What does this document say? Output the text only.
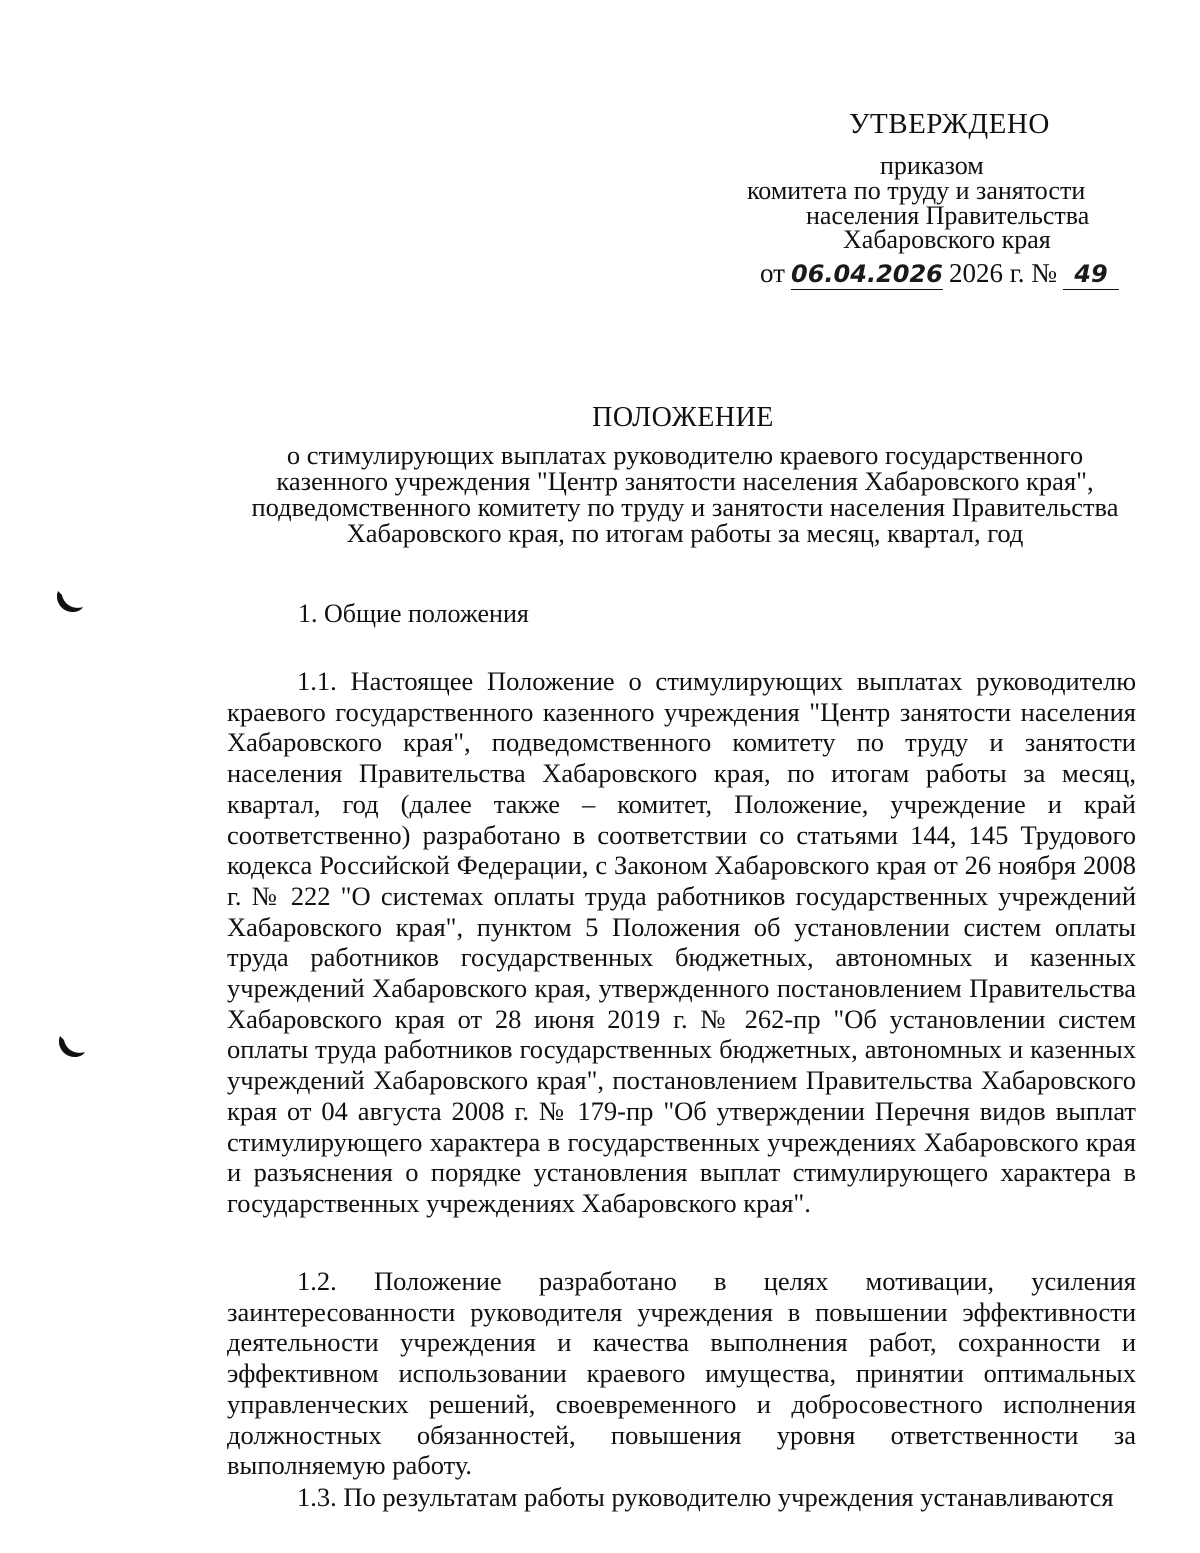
УТВЕРЖДЕНО
приказом
комитета по труду и занятости
населения Правительства
Хабаровского края
от 06.04.2026 2026 г. № 49
ПОЛОЖЕНИЕ
о стимулирующих выплатах руководителю краевого государственного
казенного учреждения "Центр занятости населения Хабаровского края",
подведомственного комитету по труду и занятости населения Правительства
Хабаровского края, по итогам работы за месяц, квартал, год
1. Общие положения

1.1. Настоящее Положение о стимулирующих выплатах руководителю краевого государственного казенного учреждения "Центр занятости населения Хабаровского края", подведомственного комитету по труду и занятости населения Правительства Хабаровского края, по итогам работы за месяц, квартал, год (далее также – комитет, Положение, учреждение и край соответственно) разработано в соответствии со статьями 144, 145 Трудового кодекса Российской Федерации, с Законом Хабаровского края от 26 ноября 2008 г. № 222 "О системах оплаты труда работников государственных учреждений Хабаровского края", пунктом 5 Положения об установлении систем оплаты труда работников государственных бюджетных, автономных и казенных учреждений Хабаровского края, утвержденного постановлением Правительства Хабаровского края от 28 июня 2019 г. № 262-пр "Об установлении систем оплаты труда работников государственных бюджетных, автономных и казенных учреждений Хабаровского края", постановлением Правительства Хабаровского края от 04 августа 2008 г. № 179-пр "Об утверждении Перечня видов выплат стимулирующего характера в государственных учреждениях Хабаровского края и разъяснения о порядке установления выплат стимулирующего характера в государственных учреждениях Хабаровского края".

1.2. Положение разработано в целях мотивации, усиления заинтересованности руководителя учреждения в повышении эффективности деятельности учреждения и качества выполнения работ, сохранности и эффективном использовании краевого имущества, принятии оптимальных управленческих решений, своевременного и добросовестного исполнения должностных обязанностей, повышения уровня ответственности за выполняемую работу.

1.3. По результатам работы руководителю учреждения устанавливаются
